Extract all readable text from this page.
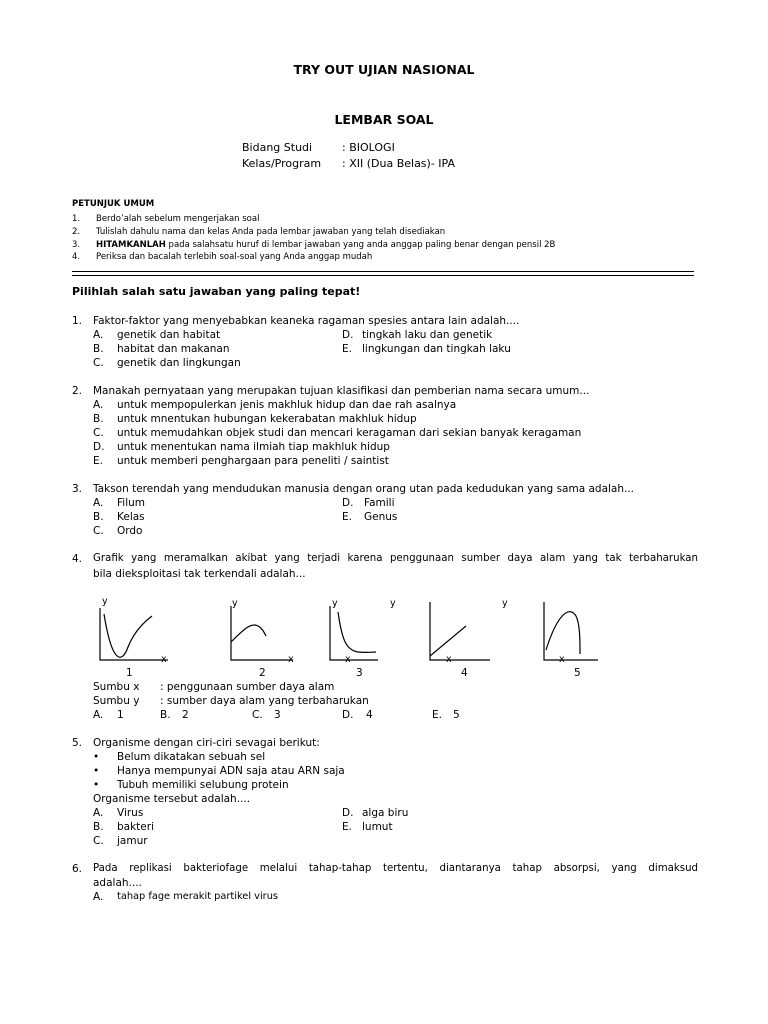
TRY OUT UJIAN NASIONAL
LEMBAR SOAL
Bidang Studi	: BIOLOGI
Kelas/Program : XII (Dua Belas)- IPA
PETUNJUK UMUM
1. Berdo’alah sebelum mengerjakan soal
2. Tulislah dahulu nama dan kelas Anda pada lembar jawaban yang telah disediakan
3. HITAMKANLAH pada salahsatu huruf di lembar jawaban yang anda anggap paling benar dengan pensil 2B
4. Periksa dan bacalah terlebih soal-soal yang Anda anggap mudah
Pilihlah salah satu jawaban yang paling tepat!
1. Faktor-faktor yang menyebabkan keaneka ragaman spesies antara lain adalah....
A. genetik dan habitat	D. tingkah laku dan genetik
B. habitat dan makanan	E. lingkungan dan tingkah laku
C. genetik dan lingkungan
2. Manakah pernyataan yang merupakan tujuan klasifikasi dan pemberian nama secara umum...
A. untuk mempopulerkan jenis makhluk hidup dan dae rah asalnya
B. untuk mnentukan hubungan kekerabatan makhluk hidup
C. untuk memudahkan objek studi dan mencari keragaman dari sekian banyak keragaman
D. untuk menentukan nama ilmiah tiap makhluk hidup
E. untuk memberi penghargaan para peneliti / saintist
3. Takson terendah yang mendudukan manusia dengan orang utan pada kedudukan yang sama adalah...
A. Filum	D. Famili
B. Kelas	E. Genus
C. Ordo
4. Grafik yang meramalkan akibat yang terjadi karena penggunaan sumber daya alam yang tak terbaharukan
bila dieksploitasi tak terkendali adalah...
y
x
1
y
x
2
y	y
x
3
x
4
y
x
5
Sumbu x : penggunaan sumber daya alam
Sumbu y : sumber daya alam yang terbaharukan
A. 1	B. 2	C. 3	D. 4	E. 5
5. Organisme dengan ciri-ciri sevagai berikut:
• Belum dikatakan sebuah sel
• Hanya mempunyai ADN saja atau ARN saja
• Tubuh memiliki selubung protein
Organisme tersebut adalah....
A. Virus	D. alga biru
B. bakteri	E. lumut
C. jamur
6. Pada replikasi bakteriofage melalui tahap-tahap tertentu, diantaranya tahap absorpsi, yang dimaksud
adalah....
A. tahap fage merakit partikel virus
